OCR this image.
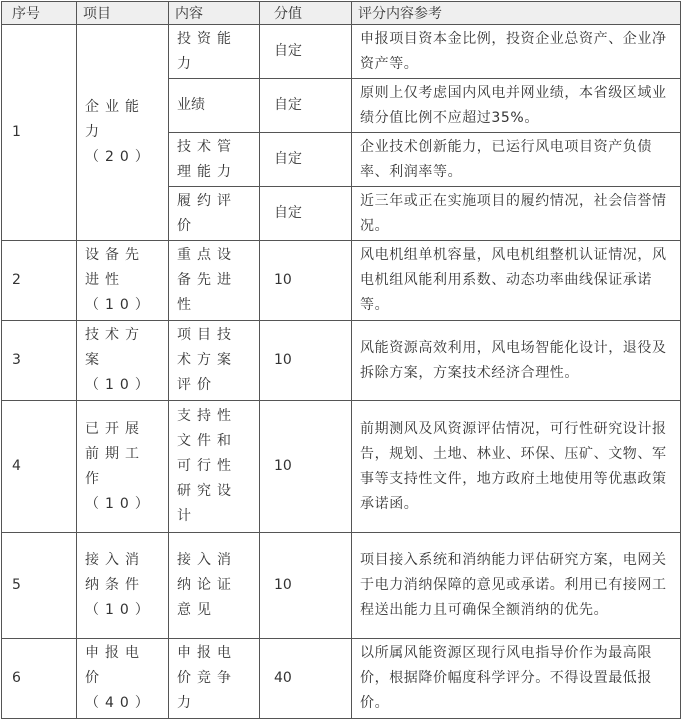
序号	项目	内容	分值	评分内容参考
1	企业能力（20）	投资能力	自定	申报项目资本金比例，投资企业总资产、企业净资产等。
		业绩	自定	原则上仅考虑国内风电并网业绩，本省级区域业绩分值比例不应超过35%。
		技术管理能力	自定	企业技术创新能力，已运行风电项目资产负债率、利润率等。
		履约评价	自定	近三年或正在实施项目的履约情况，社会信誉情况。
2	设备先进性（10）	重点设备先进性	10	风电机组单机容量，风电机组整机认证情况，风电机组风能利用系数、动态功率曲线保证承诺等。
3	技术方案（10）	项目技术方案评价	10	风能资源高效利用，风电场智能化设计，退役及拆除方案，方案技术经济合理性。
4	已开展前期工作（10）	支持性文件和可行性研究设计	10	前期测风及风资源评估情况，可行性研究设计报告，规划、土地、林业、环保、压矿、文物、军事等支持性文件，地方政府土地使用等优惠政策承诺函。
5	接入消纳条件（10）	接入消纳论证意见	10	项目接入系统和消纳能力评估研究方案，电网关于电力消纳保障的意见或承诺。利用已有接网工程送出能力且可确保全额消纳的优先。
6	申报电价（40）	申报电价竞争力	40	以所属风能资源区现行风电指导价作为最高限价，根据降价幅度科学评分。不得设置最低报价。
